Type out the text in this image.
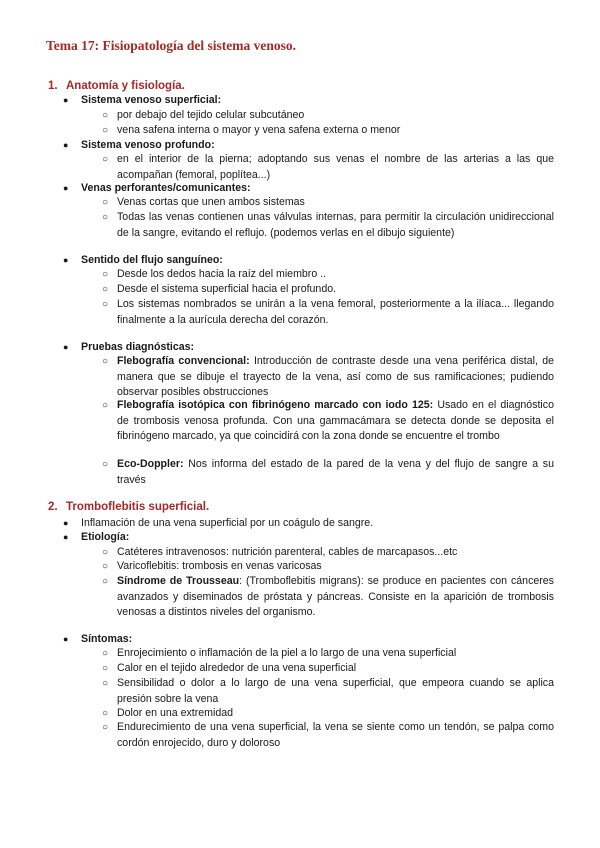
Tema 17: Fisiopatología del sistema venoso.
1. Anatomía y fisiología.
● Sistema venoso superficial:
○ por debajo del tejido celular subcutáneo
○ vena safena interna o mayor y vena safena externa o menor
● Sistema venoso profundo:
○ en el interior de la pierna; adoptando sus venas el nombre de las arterias a las que acompañan (femoral, poplítea...)
● Venas perforantes/comunicantes:
○ Venas cortas que unen ambos sistemas
○ Todas las venas contienen unas válvulas internas, para permitir la circulación unidireccional de la sangre, evitando el reflujo. (podemos verlas en el dibujo siguiente)
● Sentido del flujo sanguíneo:
○ Desde los dedos hacia la raíz del miembro ..
○ Desde el sistema superficial hacia el profundo.
○ Los sistemas nombrados se unirán a la vena femoral, posteriormente a la ilíaca... llegando finalmente a la aurícula derecha del corazón.
● Pruebas diagnósticas:
○ Flebografía convencional: Introducción de contraste desde una vena periférica distal, de manera que se dibuje el trayecto de la vena, así como de sus ramificaciones; pudiendo observar posibles obstrucciones
○ Flebografía isotópica con fibrinógeno marcado con iodo 125: Usado en el diagnóstico de trombosis venosa profunda. Con una gammacámara se detecta donde se deposita el fibrinógeno marcado, ya que coincidirá con la zona donde se encuentre el trombo
○ Eco-Doppler: Nos informa del estado de la pared de la vena y del flujo de sangre a su través
2. Tromboflebitis superficial.
● Inflamación de una vena superficial por un coágulo de sangre.
● Etiología:
○ Catéteres intravenosos: nutrición parenteral, cables de marcapasos...etc
○ Varicoflebitis: trombosis en venas varicosas
○ Síndrome de Trousseau: (Tromboflebitis migrans): se produce en pacientes con cánceres avanzados y diseminados de próstata y páncreas. Consiste en la aparición de trombosis venosas a distintos niveles del organismo.
● Síntomas:
○ Enrojecimiento o inflamación de la piel a lo largo de una vena superficial
○ Calor en el tejido alrededor de una vena superficial
○ Sensibilidad o dolor a lo largo de una vena superficial, que empeora cuando se aplica presión sobre la vena
○ Dolor en una extremidad
○ Endurecimiento de una vena superficial, la vena se siente como un tendón, se palpa como cordón enrojecido, duro y doloroso
